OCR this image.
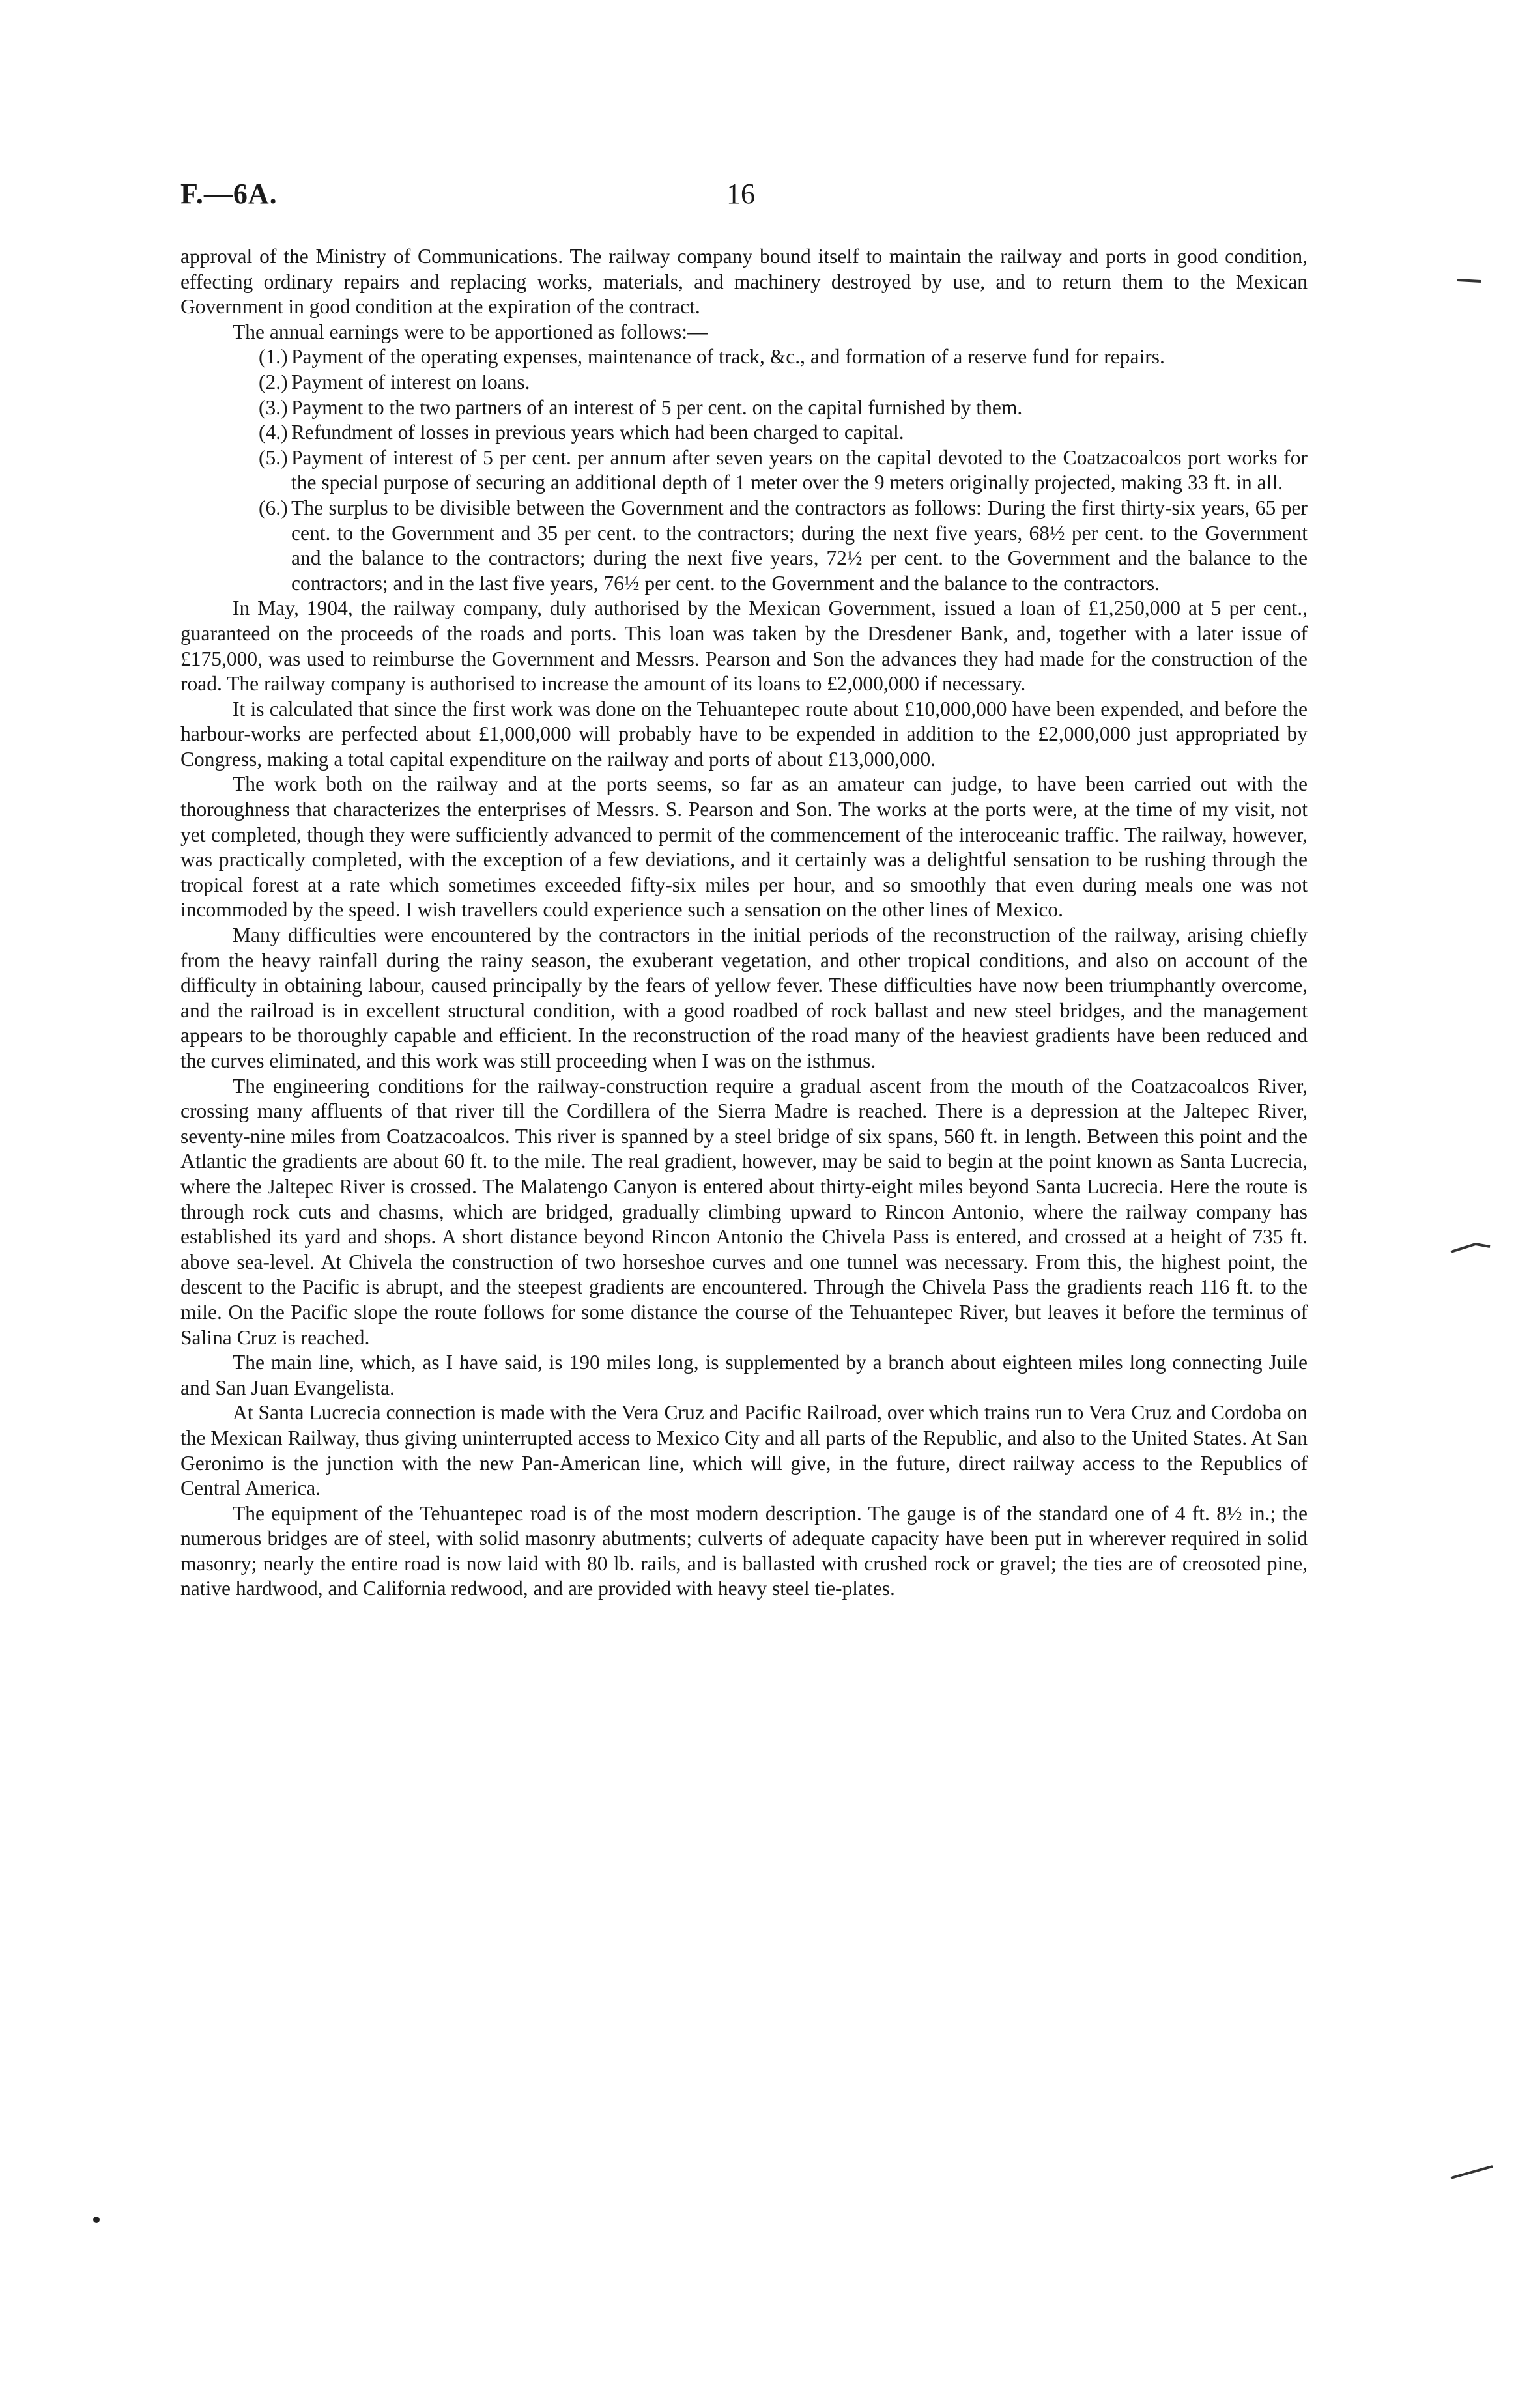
F.—6A.	16

approval of the Ministry of Communications. The railway company bound itself to maintain the railway and ports in good condition, effecting ordinary repairs and replacing works, materials, and machinery destroyed by use, and to return them to the Mexican Government in good condition at the expiration of the contract.

The annual earnings were to be apportioned as follows:—

(1.) Payment of the operating expenses, maintenance of track, &c., and formation of a reserve fund for repairs.
(2.) Payment of interest on loans.
(3.) Payment to the two partners of an interest of 5 per cent. on the capital furnished by them.
(4.) Refundment of losses in previous years which had been charged to capital.
(5.) Payment of interest of 5 per cent. per annum after seven years on the capital devoted to the Coatzacoalcos port works for the special purpose of securing an additional depth of 1 meter over the 9 meters originally projected, making 33 ft. in all.
(6.) The surplus to be divisible between the Government and the contractors as follows: During the first thirty-six years, 65 per cent. to the Government and 35 per cent. to the contractors; during the next five years, 68½ per cent. to the Government and the balance to the contractors; during the next five years, 72½ per cent. to the Government and the balance to the contractors; and in the last five years, 76½ per cent. to the Government and the balance to the contractors.

In May, 1904, the railway company, duly authorised by the Mexican Government, issued a loan of £1,250,000 at 5 per cent., guaranteed on the proceeds of the roads and ports. This loan was taken by the Dresdener Bank, and, together with a later issue of £175,000, was used to reimburse the Government and Messrs. Pearson and Son the advances they had made for the construction of the road. The railway company is authorised to increase the amount of its loans to £2,000,000 if necessary.

It is calculated that since the first work was done on the Tehuantepec route about £10,000,000 have been expended, and before the harbour-works are perfected about £1,000,000 will probably have to be expended in addition to the £2,000,000 just appropriated by Congress, making a total capital expenditure on the railway and ports of about £13,000,000.

The work both on the railway and at the ports seems, so far as an amateur can judge, to have been carried out with the thoroughness that characterizes the enterprises of Messrs. S. Pearson and Son. The works at the ports were, at the time of my visit, not yet completed, though they were sufficiently advanced to permit of the commencement of the interoceanic traffic. The railway, however, was practically completed, with the exception of a few deviations, and it certainly was a delightful sensation to be rushing through the tropical forest at a rate which sometimes exceeded fifty-six miles per hour, and so smoothly that even during meals one was not incommoded by the speed. I wish travellers could experience such a sensation on the other lines of Mexico.

Many difficulties were encountered by the contractors in the initial periods of the reconstruction of the railway, arising chiefly from the heavy rainfall during the rainy season, the exuberant vegetation, and other tropical conditions, and also on account of the difficulty in obtaining labour, caused principally by the fears of yellow fever. These difficulties have now been triumphantly overcome, and the railroad is in excellent structural condition, with a good roadbed of rock ballast and new steel bridges, and the management appears to be thoroughly capable and efficient. In the reconstruction of the road many of the heaviest gradients have been reduced and the curves eliminated, and this work was still proceeding when I was on the isthmus.

The engineering conditions for the railway-construction require a gradual ascent from the mouth of the Coatzacoalcos River, crossing many affluents of that river till the Cordillera of the Sierra Madre is reached. There is a depression at the Jaltepec River, seventy-nine miles from Coatzacoalcos. This river is spanned by a steel bridge of six spans, 560 ft. in length. Between this point and the Atlantic the gradients are about 60 ft. to the mile. The real gradient, however, may be said to begin at the point known as Santa Lucrecia, where the Jaltepec River is crossed. The Malatengo Canyon is entered about thirty-eight miles beyond Santa Lucrecia. Here the route is through rock cuts and chasms, which are bridged, gradually climbing upward to Rincon Antonio, where the railway company has established its yard and shops. A short distance beyond Rincon Antonio the Chivela Pass is entered, and crossed at a height of 735 ft. above sea-level. At Chivela the construction of two horseshoe curves and one tunnel was necessary. From this, the highest point, the descent to the Pacific is abrupt, and the steepest gradients are encountered. Through the Chivela Pass the gradients reach 116 ft. to the mile. On the Pacific slope the route follows for some distance the course of the Tehuantepec River, but leaves it before the terminus of Salina Cruz is reached.

The main line, which, as I have said, is 190 miles long, is supplemented by a branch about eighteen miles long connecting Juile and San Juan Evangelista.

At Santa Lucrecia connection is made with the Vera Cruz and Pacific Railroad, over which trains run to Vera Cruz and Cordoba on the Mexican Railway, thus giving uninterrupted access to Mexico City and all parts of the Republic, and also to the United States. At San Geronimo is the junction with the new Pan-American line, which will give, in the future, direct railway access to the Republics of Central America.

The equipment of the Tehuantepec road is of the most modern description. The gauge is of the standard one of 4 ft. 8½ in.; the numerous bridges are of steel, with solid masonry abutments; culverts of adequate capacity have been put in wherever required in solid masonry; nearly the entire road is now laid with 80 lb. rails, and is ballasted with crushed rock or gravel; the ties are of creosoted pine, native hardwood, and California redwood, and are provided with heavy steel tie-plates.
